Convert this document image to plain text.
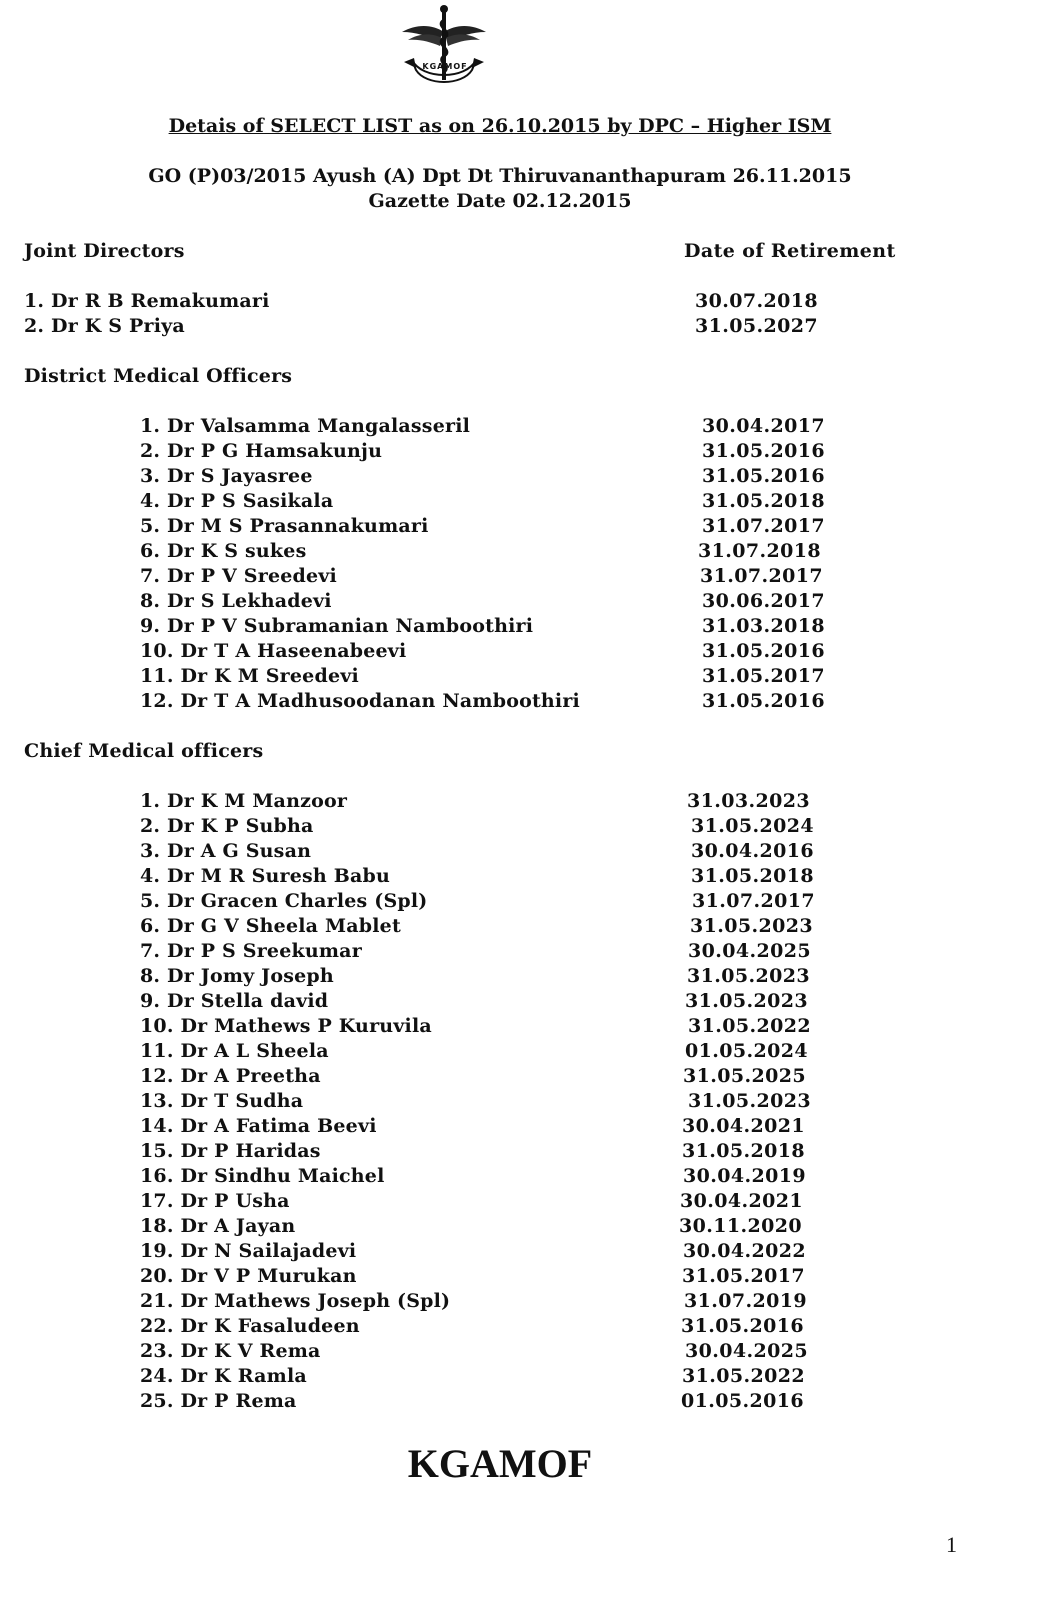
KGAMOF
Detais of SELECT LIST as on 26.10.2015 by DPC – Higher ISM
GO (P)03/2015 Ayush (A) Dpt Dt Thiruvananthapuram 26.11.2015
Gazette Date 02.12.2015
Joint Directors	Date of Retirement
1. Dr R B Remakumari	30.07.2018
2. Dr K S Priya	31.05.2027
District Medical Officers
1. Dr Valsamma Mangalasseril	30.04.2017
2. Dr P G Hamsakunju	31.05.2016
3. Dr S Jayasree	31.05.2016
4. Dr P S Sasikala	31.05.2018
5. Dr M S Prasannakumari	31.07.2017
6. Dr K S sukes	31.07.2018
7. Dr P V Sreedevi	31.07.2017
8. Dr S Lekhadevi	30.06.2017
9. Dr P V Subramanian Namboothiri	31.03.2018
10. Dr T A Haseenabeevi	31.05.2016
11. Dr K M Sreedevi	31.05.2017
12. Dr T A Madhusoodanan Namboothiri	31.05.2016
Chief Medical officers
1. Dr K M Manzoor	31.03.2023
2. Dr K P Subha	31.05.2024
3. Dr A G Susan	30.04.2016
4. Dr M R Suresh Babu	31.05.2018
5. Dr Gracen Charles (Spl)	31.07.2017
6. Dr G V Sheela Mablet	31.05.2023
7. Dr P S Sreekumar	30.04.2025
8. Dr Jomy Joseph	31.05.2023
9. Dr Stella david	31.05.2023
10. Dr Mathews P Kuruvila	31.05.2022
11. Dr A L Sheela	01.05.2024
12. Dr A Preetha	31.05.2025
13. Dr T Sudha	31.05.2023
14. Dr A Fatima Beevi	30.04.2021
15. Dr P Haridas	31.05.2018
16. Dr Sindhu Maichel	30.04.2019
17. Dr P Usha	30.04.2021
18. Dr A Jayan	30.11.2020
19. Dr N Sailajadevi	30.04.2022
20. Dr V P Murukan	31.05.2017
21. Dr Mathews Joseph (Spl)	31.07.2019
22. Dr K Fasaludeen	31.05.2016
23. Dr K V Rema	30.04.2025
24. Dr K Ramla	31.05.2022
25. Dr P Rema	01.05.2016
KGAMOF
1
